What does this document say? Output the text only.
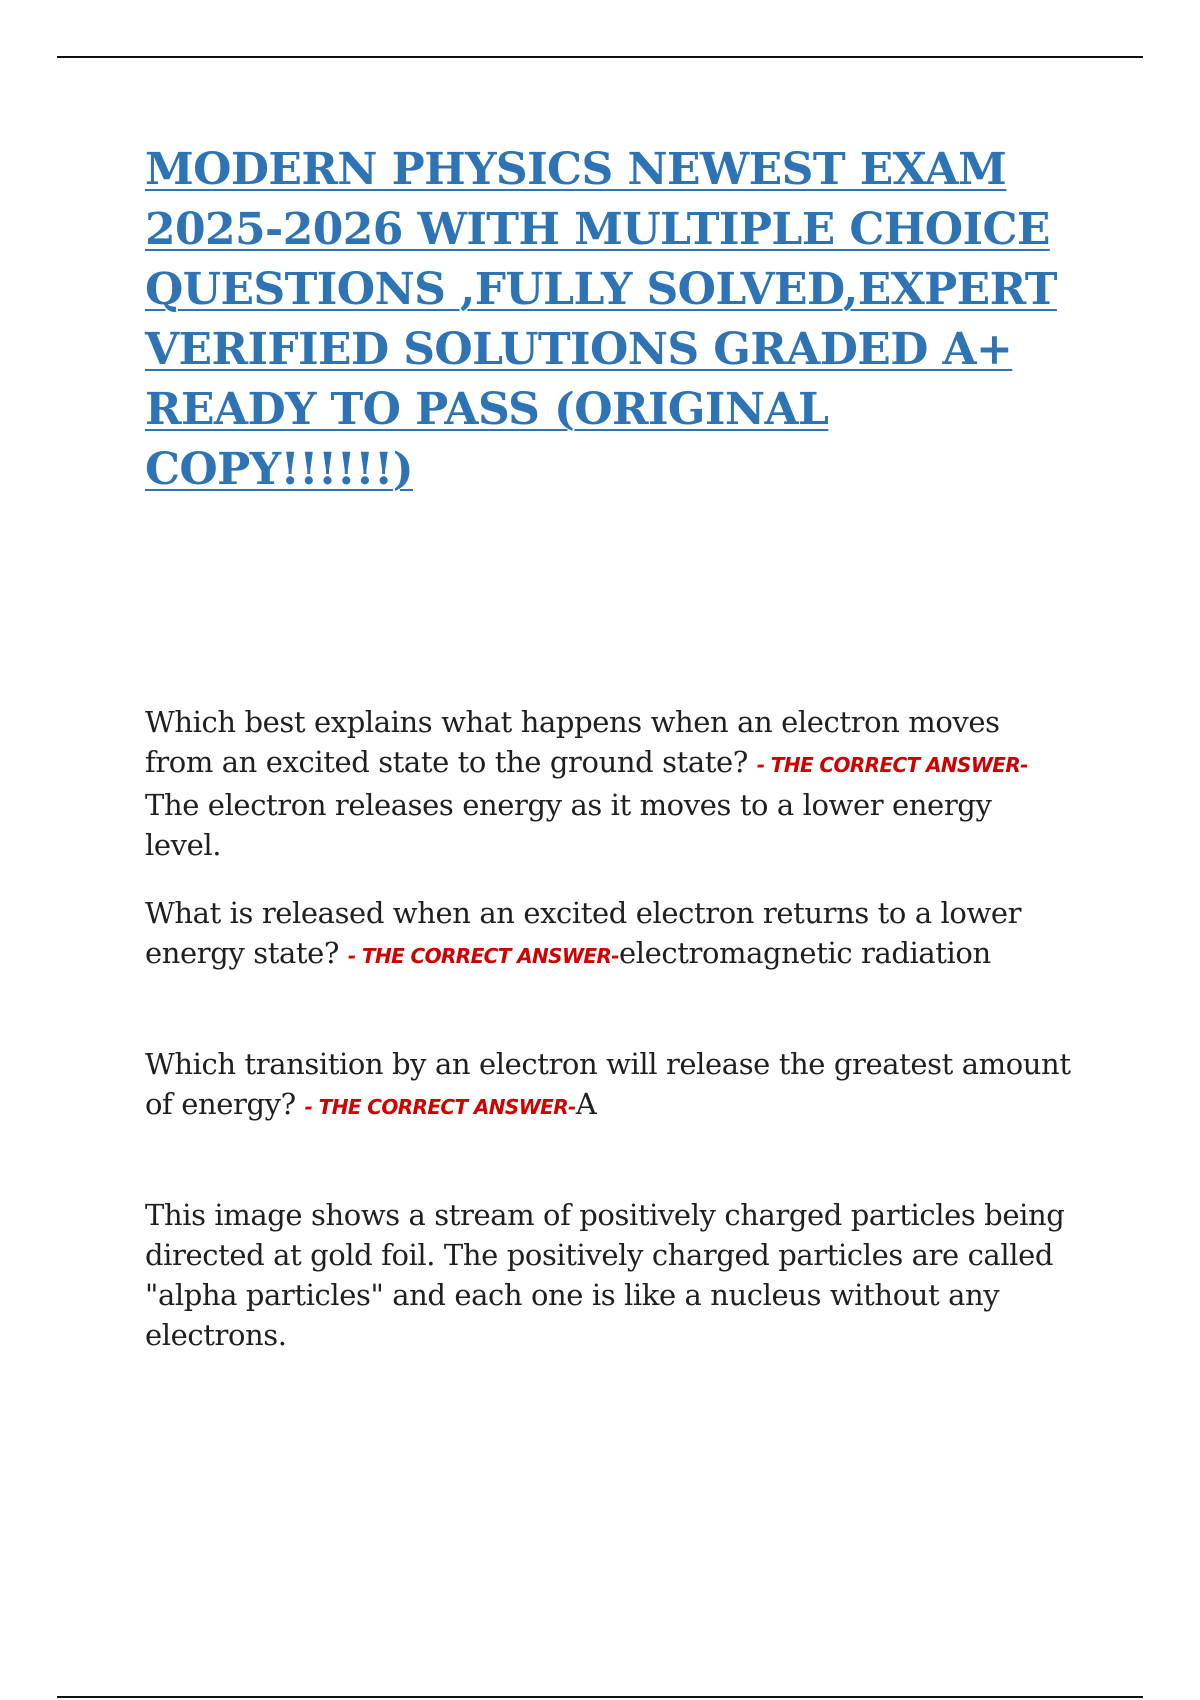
MODERN PHYSICS NEWEST EXAM 2025-2026 WITH MULTIPLE CHOICE QUESTIONS ,FULLY SOLVED,EXPERT VERIFIED SOLUTIONS GRADED A+ READY TO PASS (ORIGINAL COPY!!!!!!)

Which best explains what happens when an electron moves from an excited state to the ground state? - THE CORRECT ANSWER-
The electron releases energy as it moves to a lower energy level.

What is released when an excited electron returns to a lower energy state? - THE CORRECT ANSWER-electromagnetic radiation

Which transition by an electron will release the greatest amount of energy? - THE CORRECT ANSWER-A

This image shows a stream of positively charged particles being directed at gold foil. The positively charged particles are called "alpha particles" and each one is like a nucleus without any electrons.
